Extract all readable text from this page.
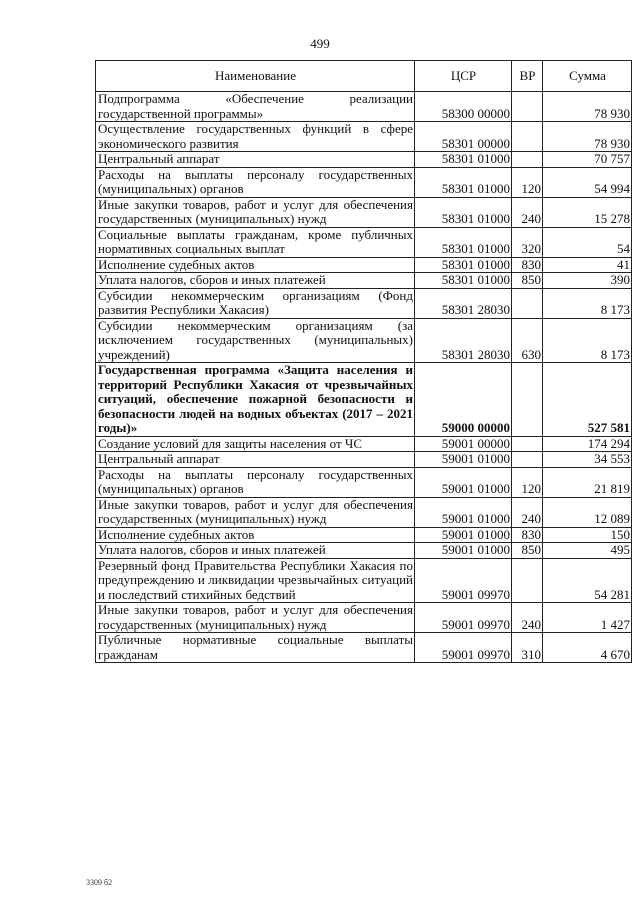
499
Наименование	ЦСР	ВР	Сумма
Подпрограмма «Обеспечение реализации государственной программы»	58300 00000		78 930
Осуществление государственных функций в сфере экономического развития	58301 00000		78 930
Центральный аппарат	58301 01000		70 757
Расходы на выплаты персоналу государственных (муниципальных) органов	58301 01000	120	54 994
Иные закупки товаров, работ и услуг для обеспечения государственных (муниципальных) нужд	58301 01000	240	15 278
Социальные выплаты гражданам, кроме публичных нормативных социальных выплат	58301 01000	320	54
Исполнение судебных актов	58301 01000	830	41
Уплата налогов, сборов и иных платежей	58301 01000	850	390
Субсидии некоммерческим организациям (Фонд развития Республики Хакасия)	58301 28030		8 173
Субсидии некоммерческим организациям (за исключением государственных (муниципальных) учреждений)	58301 28030	630	8 173
Государственная программа «Защита населения и территорий Республики Хакасия от чрезвычайных ситуаций, обеспечение пожарной безопасности и безопасности людей на водных объектах (2017 – 2021 годы)»	59000 00000		527 581
Создание условий для защиты населения от ЧС	59001 00000		174 294
Центральный аппарат	59001 01000		34 553
Расходы на выплаты персоналу государственных (муниципальных) органов	59001 01000	120	21 819
Иные закупки товаров, работ и услуг для обеспечения государственных (муниципальных) нужд	59001 01000	240	12 089
Исполнение судебных актов	59001 01000	830	150
Уплата налогов, сборов и иных платежей	59001 01000	850	495
Резервный фонд Правительства Республики Хакасия по предупреждению и ликвидации чрезвычайных ситуаций и последствий стихийных бедствий	59001 09970		54 281
Иные закупки товаров, работ и услуг для обеспечения государственных (муниципальных) нужд	59001 09970	240	1 427
Публичные нормативные социальные выплаты гражданам	59001 09970	310	4 670
3309 б2
